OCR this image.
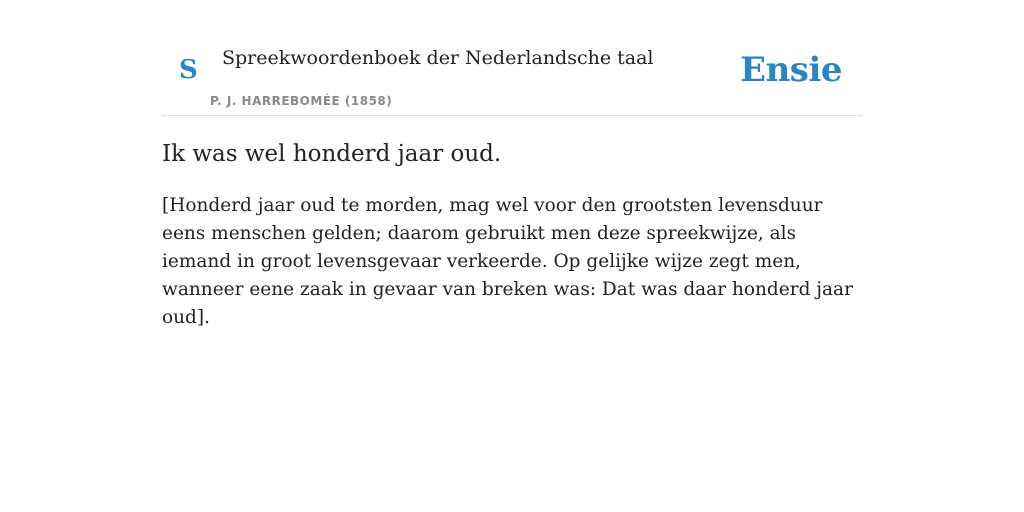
S Spreekwoordenboek der Nederlandsche taal
P. J. HARREBOMÉE (1858)
Ensie
Ik was wel honderd jaar oud.

[Honderd jaar oud te morden, mag wel voor den grootsten levensduur eens menschen gelden; daarom gebruikt men deze spreekwijze, als iemand in groot levensgevaar verkeerde. Op gelijke wijze zegt men, wanneer eene zaak in gevaar van breken was: Dat was daar honderd jaar oud].
